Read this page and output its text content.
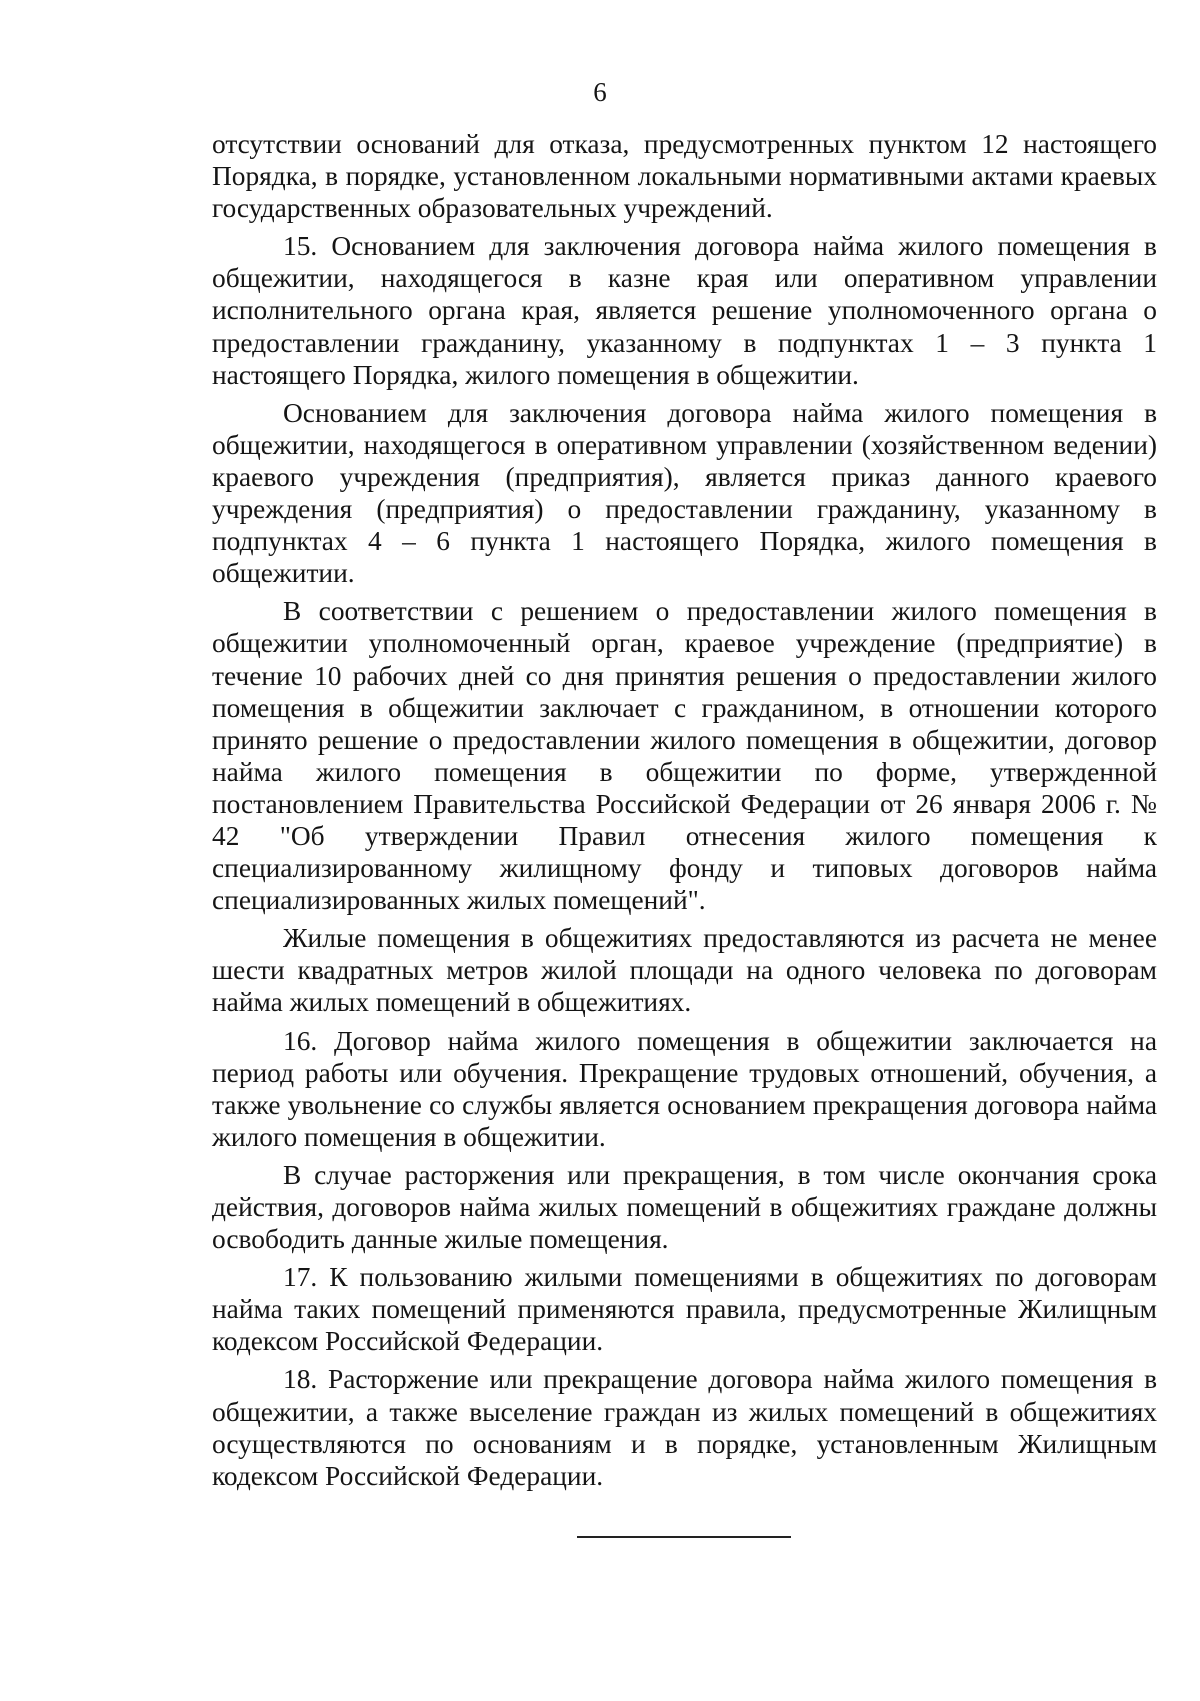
6

отсутствии оснований для отказа, предусмотренных пунктом 12 настоящего Порядка, в порядке, установленном локальными нормативными актами краевых государственных образовательных учреждений.

15. Основанием для заключения договора найма жилого помещения в общежитии, находящегося в казне края или оперативном управлении исполнительного органа края, является решение уполномоченного органа о предоставлении гражданину, указанному в подпунктах 1 – 3 пункта 1 настоящего Порядка, жилого помещения в общежитии.

Основанием для заключения договора найма жилого помещения в общежитии, находящегося в оперативном управлении (хозяйственном ведении) краевого учреждения (предприятия), является приказ данного краевого учреждения (предприятия) о предоставлении гражданину, указанному в подпунктах 4 – 6 пункта 1 настоящего Порядка, жилого помещения в общежитии.

В соответствии с решением о предоставлении жилого помещения в общежитии уполномоченный орган, краевое учреждение (предприятие) в течение 10 рабочих дней со дня принятия решения о предоставлении жилого помещения в общежитии заключает с гражданином, в отношении которого принято решение о предоставлении жилого помещения в общежитии, договор найма жилого помещения в общежитии по форме, утвержденной постановлением Правительства Российской Федерации от 26 января 2006 г. № 42 "Об утверждении Правил отнесения жилого помещения к специализированному жилищному фонду и типовых договоров найма специализированных жилых помещений".

Жилые помещения в общежитиях предоставляются из расчета не менее шести квадратных метров жилой площади на одного человека по договорам найма жилых помещений в общежитиях.

16. Договор найма жилого помещения в общежитии заключается на период работы или обучения. Прекращение трудовых отношений, обучения, а также увольнение со службы является основанием прекращения договора найма жилого помещения в общежитии.

В случае расторжения или прекращения, в том числе окончания срока действия, договоров найма жилых помещений в общежитиях граждане должны освободить данные жилые помещения.

17. К пользованию жилыми помещениями в общежитиях по договорам найма таких помещений применяются правила, предусмотренные Жилищным кодексом Российской Федерации.

18. Расторжение или прекращение договора найма жилого помещения в общежитии, а также выселение граждан из жилых помещений в общежитиях осуществляются по основаниям и в порядке, установленным Жилищным кодексом Российской Федерации.
